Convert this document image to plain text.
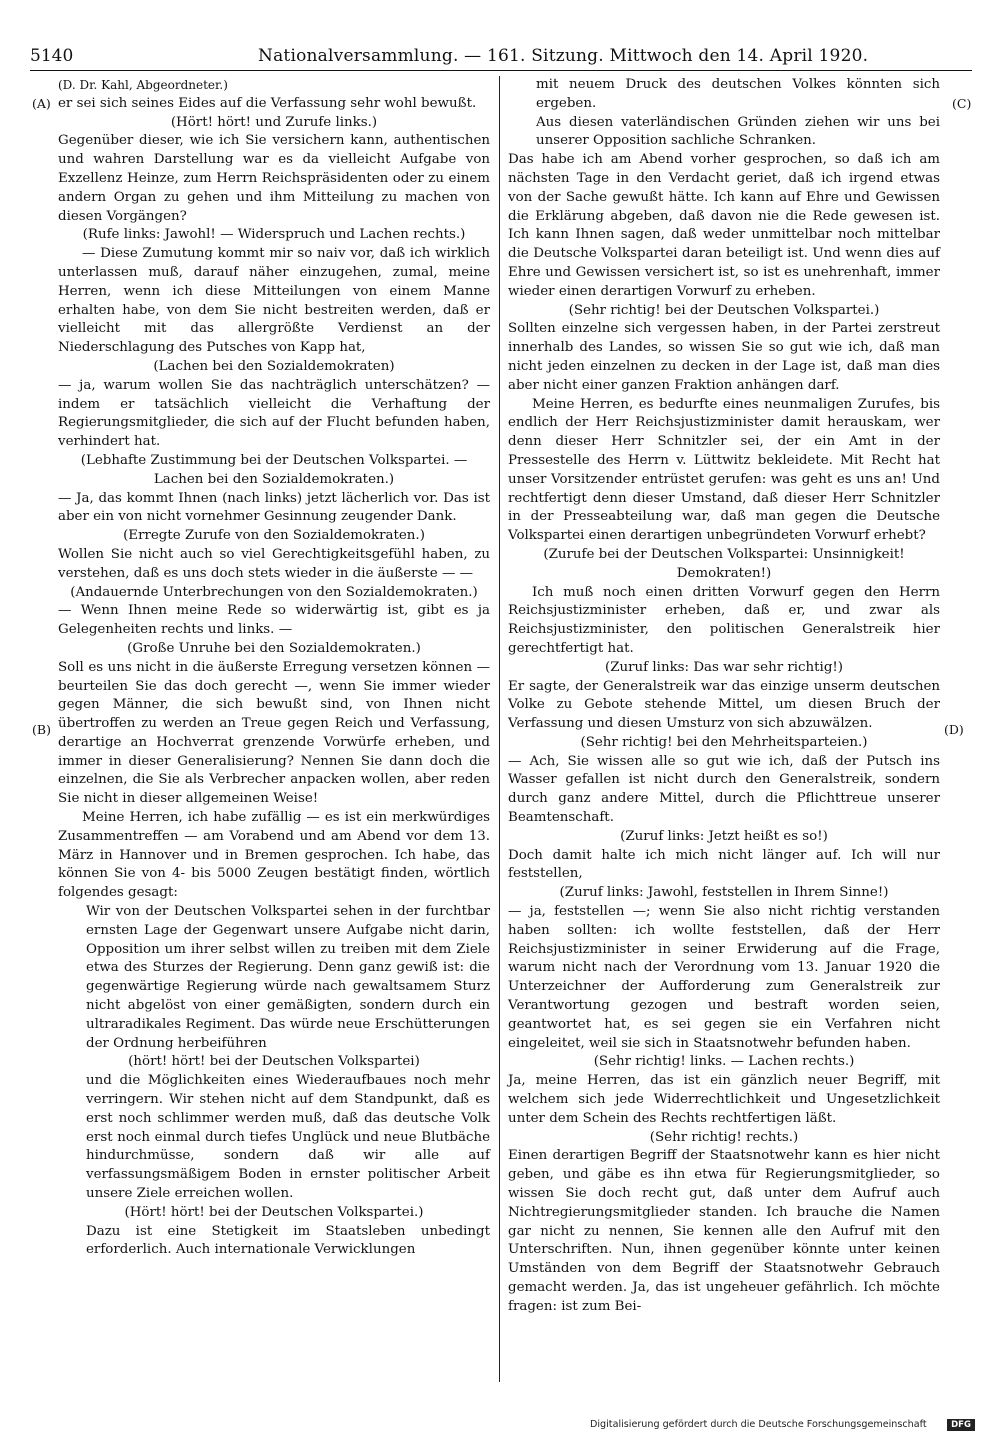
5140	Nationalversammlung. — 161. Sitzung. Mittwoch den 14. April 1920.
(A)
(B)
(C)
(D)

(D. Dr. Kahl, Abgeordneter.)

er sei sich seines Eides auf die Verfassung sehr wohl bewußt.

(Hört! hört! und Zurufe links.)

Gegenüber dieser, wie ich Sie versichern kann, authentischen und wahren Darstellung war es da vielleicht Aufgabe von Exzellenz Heinze, zum Herrn Reichspräsidenten oder zu einem andern Organ zu gehen und ihm Mitteilung zu machen von diesen Vorgängen?

(Rufe links: Jawohl! — Widerspruch und Lachen rechts.)

— Diese Zumutung kommt mir so naiv vor, daß ich wirklich unterlassen muß, darauf näher einzugehen, zumal, meine Herren, wenn ich diese Mitteilungen von einem Manne erhalten habe, von dem Sie nicht bestreiten werden, daß er vielleicht mit das allergrößte Verdienst an der Niederschlagung des Putsches von Kapp hat,

(Lachen bei den Sozialdemokraten)

— ja, warum wollen Sie das nachträglich unterschätzen? — indem er tatsächlich vielleicht die Verhaftung der Regierungsmitglieder, die sich auf der Flucht befunden haben, verhindert hat.

(Lebhafte Zustimmung bei der Deutschen Volkspartei. — Lachen bei den Sozialdemokraten.)

— Ja, das kommt Ihnen (nach links) jetzt lächerlich vor. Das ist aber ein von nicht vornehmer Gesinnung zeugender Dank.

(Erregte Zurufe von den Sozialdemokraten.)

Wollen Sie nicht auch so viel Gerechtigkeitsgefühl haben, zu verstehen, daß es uns doch stets wieder in die äußerste — —

(Andauernde Unterbrechungen von den Sozialdemokraten.)

— Wenn Ihnen meine Rede so widerwärtig ist, gibt es ja Gelegenheiten rechts und links. —

(Große Unruhe bei den Sozialdemokraten.)

Soll es uns nicht in die äußerste Erregung versetzen können — beurteilen Sie das doch gerecht —, wenn Sie immer wieder gegen Männer, die sich bewußt sind, von Ihnen nicht übertroffen zu werden an Treue gegen Reich und Verfassung, derartige an Hochverrat grenzende Vorwürfe erheben, und immer in dieser Generalisierung? Nennen Sie dann doch die einzelnen, die Sie als Verbrecher anpacken wollen, aber reden Sie nicht in dieser allgemeinen Weise!

Meine Herren, ich habe zufällig — es ist ein merkwürdiges Zusammentreffen — am Vorabend und am Abend vor dem 13. März in Hannover und in Bremen gesprochen. Ich habe, das können Sie von 4- bis 5000 Zeugen bestätigt finden, wörtlich folgendes gesagt:

Wir von der Deutschen Volkspartei sehen in der furchtbar ernsten Lage der Gegenwart unsere Aufgabe nicht darin, Opposition um ihrer selbst willen zu treiben mit dem Ziele etwa des Sturzes der Regierung. Denn ganz gewiß ist: die gegenwärtige Regierung würde nach gewaltsamem Sturz nicht abgelöst von einer gemäßigten, sondern durch ein ultraradikales Regiment. Das würde neue Erschütterungen der Ordnung herbeiführen

(hört! hört! bei der Deutschen Volkspartei)

und die Möglichkeiten eines Wiederaufbaues noch mehr verringern. Wir stehen nicht auf dem Standpunkt, daß es erst noch schlimmer werden muß, daß das deutsche Volk erst noch einmal durch tiefes Unglück und neue Blutbäche hindurchmüsse, sondern daß wir alle auf verfassungsmäßigem Boden in ernster politischer Arbeit unsere Ziele erreichen wollen.

(Hört! hört! bei der Deutschen Volkspartei.)

Dazu ist eine Stetigkeit im Staatsleben unbedingt erforderlich. Auch internationale Verwicklungen

mit neuem Druck des deutschen Volkes könnten sich ergeben.

Aus diesen vaterländischen Gründen ziehen wir uns bei unserer Opposition sachliche Schranken.

Das habe ich am Abend vorher gesprochen, so daß ich am nächsten Tage in den Verdacht geriet, daß ich irgend etwas von der Sache gewußt hätte. Ich kann auf Ehre und Gewissen die Erklärung abgeben, daß davon nie die Rede gewesen ist. Ich kann Ihnen sagen, daß weder unmittelbar noch mittelbar die Deutsche Volkspartei daran beteiligt ist. Und wenn dies auf Ehre und Gewissen versichert ist, so ist es unehrenhaft, immer wieder einen derartigen Vorwurf zu erheben.

(Sehr richtig! bei der Deutschen Volkspartei.)

Sollten einzelne sich vergessen haben, in der Partei zerstreut innerhalb des Landes, so wissen Sie so gut wie ich, daß man nicht jeden einzelnen zu decken in der Lage ist, daß man dies aber nicht einer ganzen Fraktion anhängen darf.

Meine Herren, es bedurfte eines neunmaligen Zurufes, bis endlich der Herr Reichsjustizminister damit herauskam, wer denn dieser Herr Schnitzler sei, der ein Amt in der Pressestelle des Herrn v. Lüttwitz bekleidete. Mit Recht hat unser Vorsitzender entrüstet gerufen: was geht es uns an! Und rechtfertigt denn dieser Umstand, daß dieser Herr Schnitzler in der Presseabteilung war, daß man gegen die Deutsche Volkspartei einen derartigen unbegründeten Vorwurf erhebt?

(Zurufe bei der Deutschen Volkspartei: Unsinnigkeit! Demokraten!)

Ich muß noch einen dritten Vorwurf gegen den Herrn Reichsjustizminister erheben, daß er, und zwar als Reichsjustizminister, den politischen Generalstreik hier gerechtfertigt hat.

(Zuruf links: Das war sehr richtig!)

Er sagte, der Generalstreik war das einzige unserm deutschen Volke zu Gebote stehende Mittel, um diesen Bruch der Verfassung und diesen Umsturz von sich abzuwälzen.

(Sehr richtig! bei den Mehrheitsparteien.)

— Ach, Sie wissen alle so gut wie ich, daß der Putsch ins Wasser gefallen ist nicht durch den Generalstreik, sondern durch ganz andere Mittel, durch die Pflichttreue unserer Beamtenschaft.

(Zuruf links: Jetzt heißt es so!)

Doch damit halte ich mich nicht länger auf. Ich will nur feststellen,

(Zuruf links: Jawohl, feststellen in Ihrem Sinne!)

— ja, feststellen —; wenn Sie also nicht richtig verstanden haben sollten: ich wollte feststellen, daß der Herr Reichsjustizminister in seiner Erwiderung auf die Frage, warum nicht nach der Verordnung vom 13. Januar 1920 die Unterzeichner der Aufforderung zum Generalstreik zur Verantwortung gezogen und bestraft worden seien, geantwortet hat, es sei gegen sie ein Verfahren nicht eingeleitet, weil sie sich in Staatsnotwehr befunden haben.

(Sehr richtig! links. — Lachen rechts.)

Ja, meine Herren, das ist ein gänzlich neuer Begriff, mit welchem sich jede Widerrechtlichkeit und Ungesetzlichkeit unter dem Schein des Rechts rechtfertigen läßt.

(Sehr richtig! rechts.)

Einen derartigen Begriff der Staatsnotwehr kann es hier nicht geben, und gäbe es ihn etwa für Regierungsmitglieder, so wissen Sie doch recht gut, daß unter dem Aufruf auch Nichtregierungsmitglieder standen. Ich brauche die Namen gar nicht zu nennen, Sie kennen alle den Aufruf mit den Unterschriften. Nun, ihnen gegenüber könnte unter keinen Umständen von dem Begriff der Staatsnotwehr Gebrauch gemacht werden. Ja, das ist ungeheuer gefährlich. Ich möchte fragen: ist zum Bei-

Digitalisierung gefördert durch die Deutsche Forschungsgemeinschaft	DFG
